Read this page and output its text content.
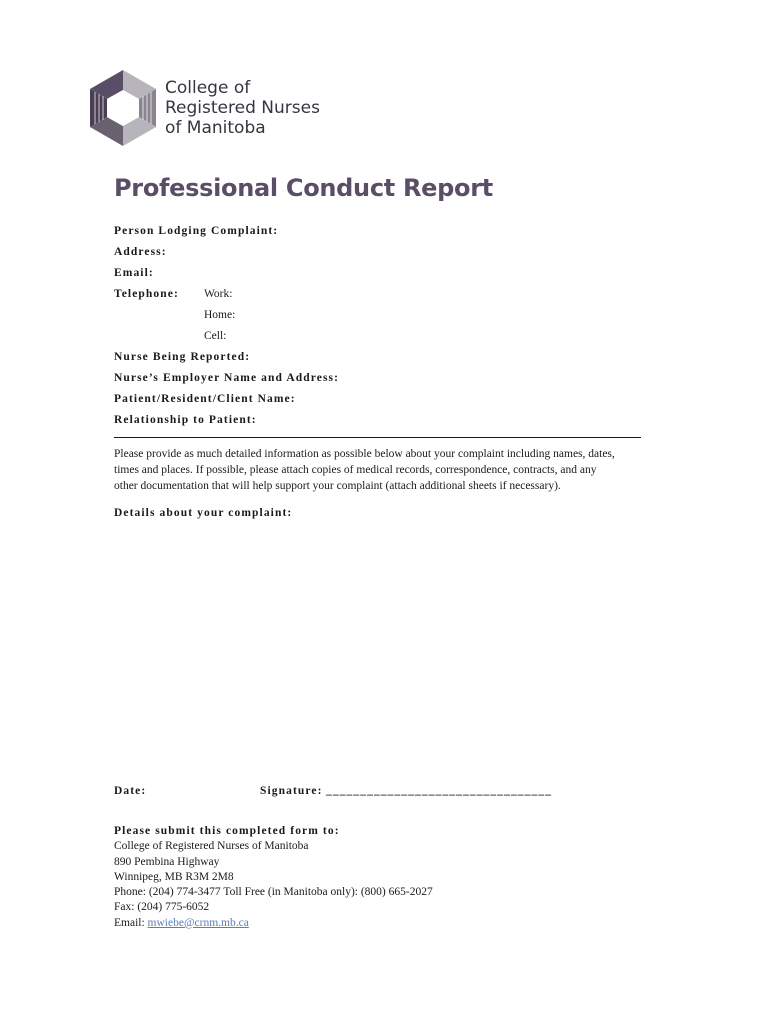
College of
Registered Nurses
of Manitoba
Professional Conduct Report
Person Lodging Complaint:
Address:
Email:
Telephone: Work:
Home:
Cell:
Nurse Being Reported:
Nurse’s Employer Name and Address:
Patient/Resident/Client Name:
Relationship to Patient:
Please provide as much detailed information as possible below about your complaint including names, dates,
times and places. If possible, please attach copies of medical records, correspondence, contracts, and any
other documentation that will help support your complaint (attach additional sheets if necessary).
Details about your complaint:
Date:	Signature: _________________________________
Please submit this completed form to:
College of Registered Nurses of Manitoba
890 Pembina Highway
Winnipeg, MB R3M 2M8
Phone: (204) 774-3477 Toll Free (in Manitoba only): (800) 665-2027
Fax: (204) 775-6052
Email: mwiebe@crnm.mb.ca
